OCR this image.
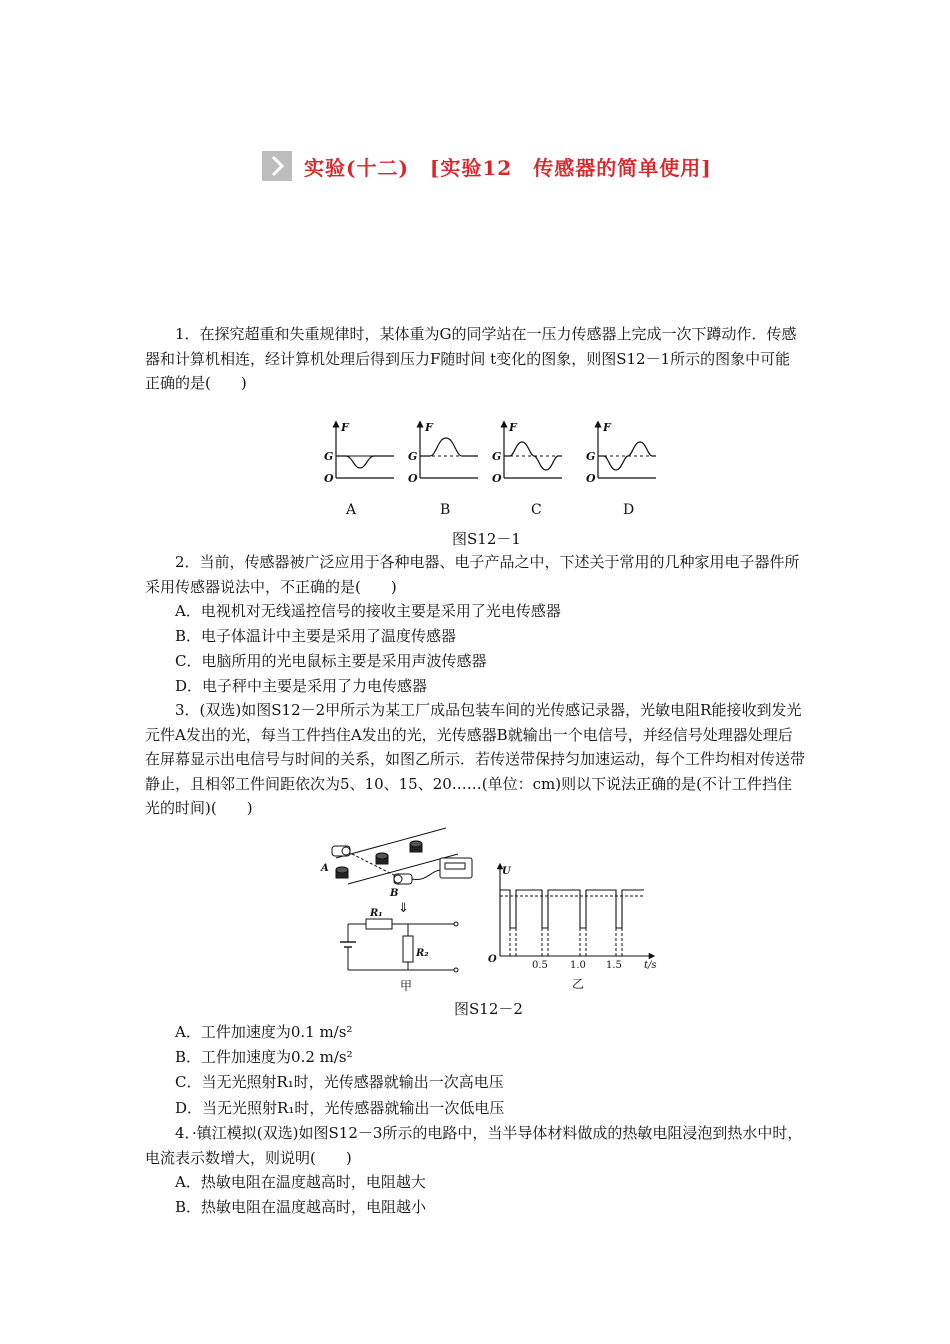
实验(十二)　[实验12　传感器的简单使用]
1．在探究超重和失重规律时，某体重为G的同学站在一压力传感器上完成一次下蹲动作．传感器和计算机相连，经计算机处理后得到压力F随时间 t变化的图象，则图S12－1所示的图象中可能正确的是(　　)
F
G
O
F
G
O
F
G
O
F
G
O
A	B	C	D
图S12－1
2．当前，传感器被广泛应用于各种电器、电子产品之中，下述关于常用的几种家用电子器件所采用传感器说法中，不正确的是(　　)
A．电视机对无线遥控信号的接收主要是采用了光电传感器
B．电子体温计中主要是采用了温度传感器
C．电脑所用的光电鼠标主要是采用声波传感器
D．电子秤中主要是采用了力电传感器
3．(双选)如图S12－2甲所示为某工厂成品包装车间的光传感记录器，光敏电阻R能接收到发光元件A发出的光，每当工件挡住A发出的光，光传感器B就输出一个电信号，并经信号处理器处理后在屏幕显示出电信号与时间的关系，如图乙所示．若传送带保持匀加速运动，每个工件均相对传送带静止，且相邻工件间距依次为5、10、15、20……(单位：cm)则以下说法正确的是(不计工件挡住光的时间)(　　)
A
B
R₁
R₂
⇓
甲
U
O
0.5 1.0 1.5 t/s
乙
图S12－2
A．工件加速度为0.1 m/s²
B．工件加速度为0.2 m/s²
C．当无光照射R₁时，光传感器就输出一次高电压
D．当无光照射R₁时，光传感器就输出一次低电压
4．·镇江模拟(双选)如图S12－3所示的电路中，当半导体材料做成的热敏电阻浸泡到热水中时，电流表示数增大，则说明(　　)
A．热敏电阻在温度越高时，电阻越大
B．热敏电阻在温度越高时，电阻越小
